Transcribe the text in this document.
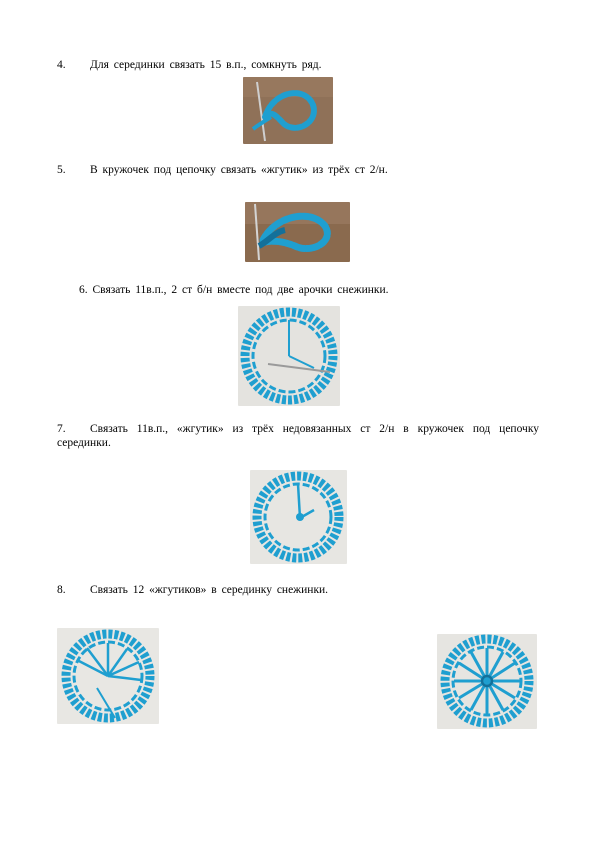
4. Для серединки связать 15 в.п., сомкнуть ряд.
5. В кружочек под цепочку связать «жгутик» из трёх ст 2/н.
6. Связать 11в.п., 2 ст б/н вместе под две арочки снежинки.
7. Связать 11в.п., «жгутик» из трёх недовязанных ст 2/н в кружочек под цепочку серединки.
8. Связать 12 «жгутиков» в серединку снежинки.
